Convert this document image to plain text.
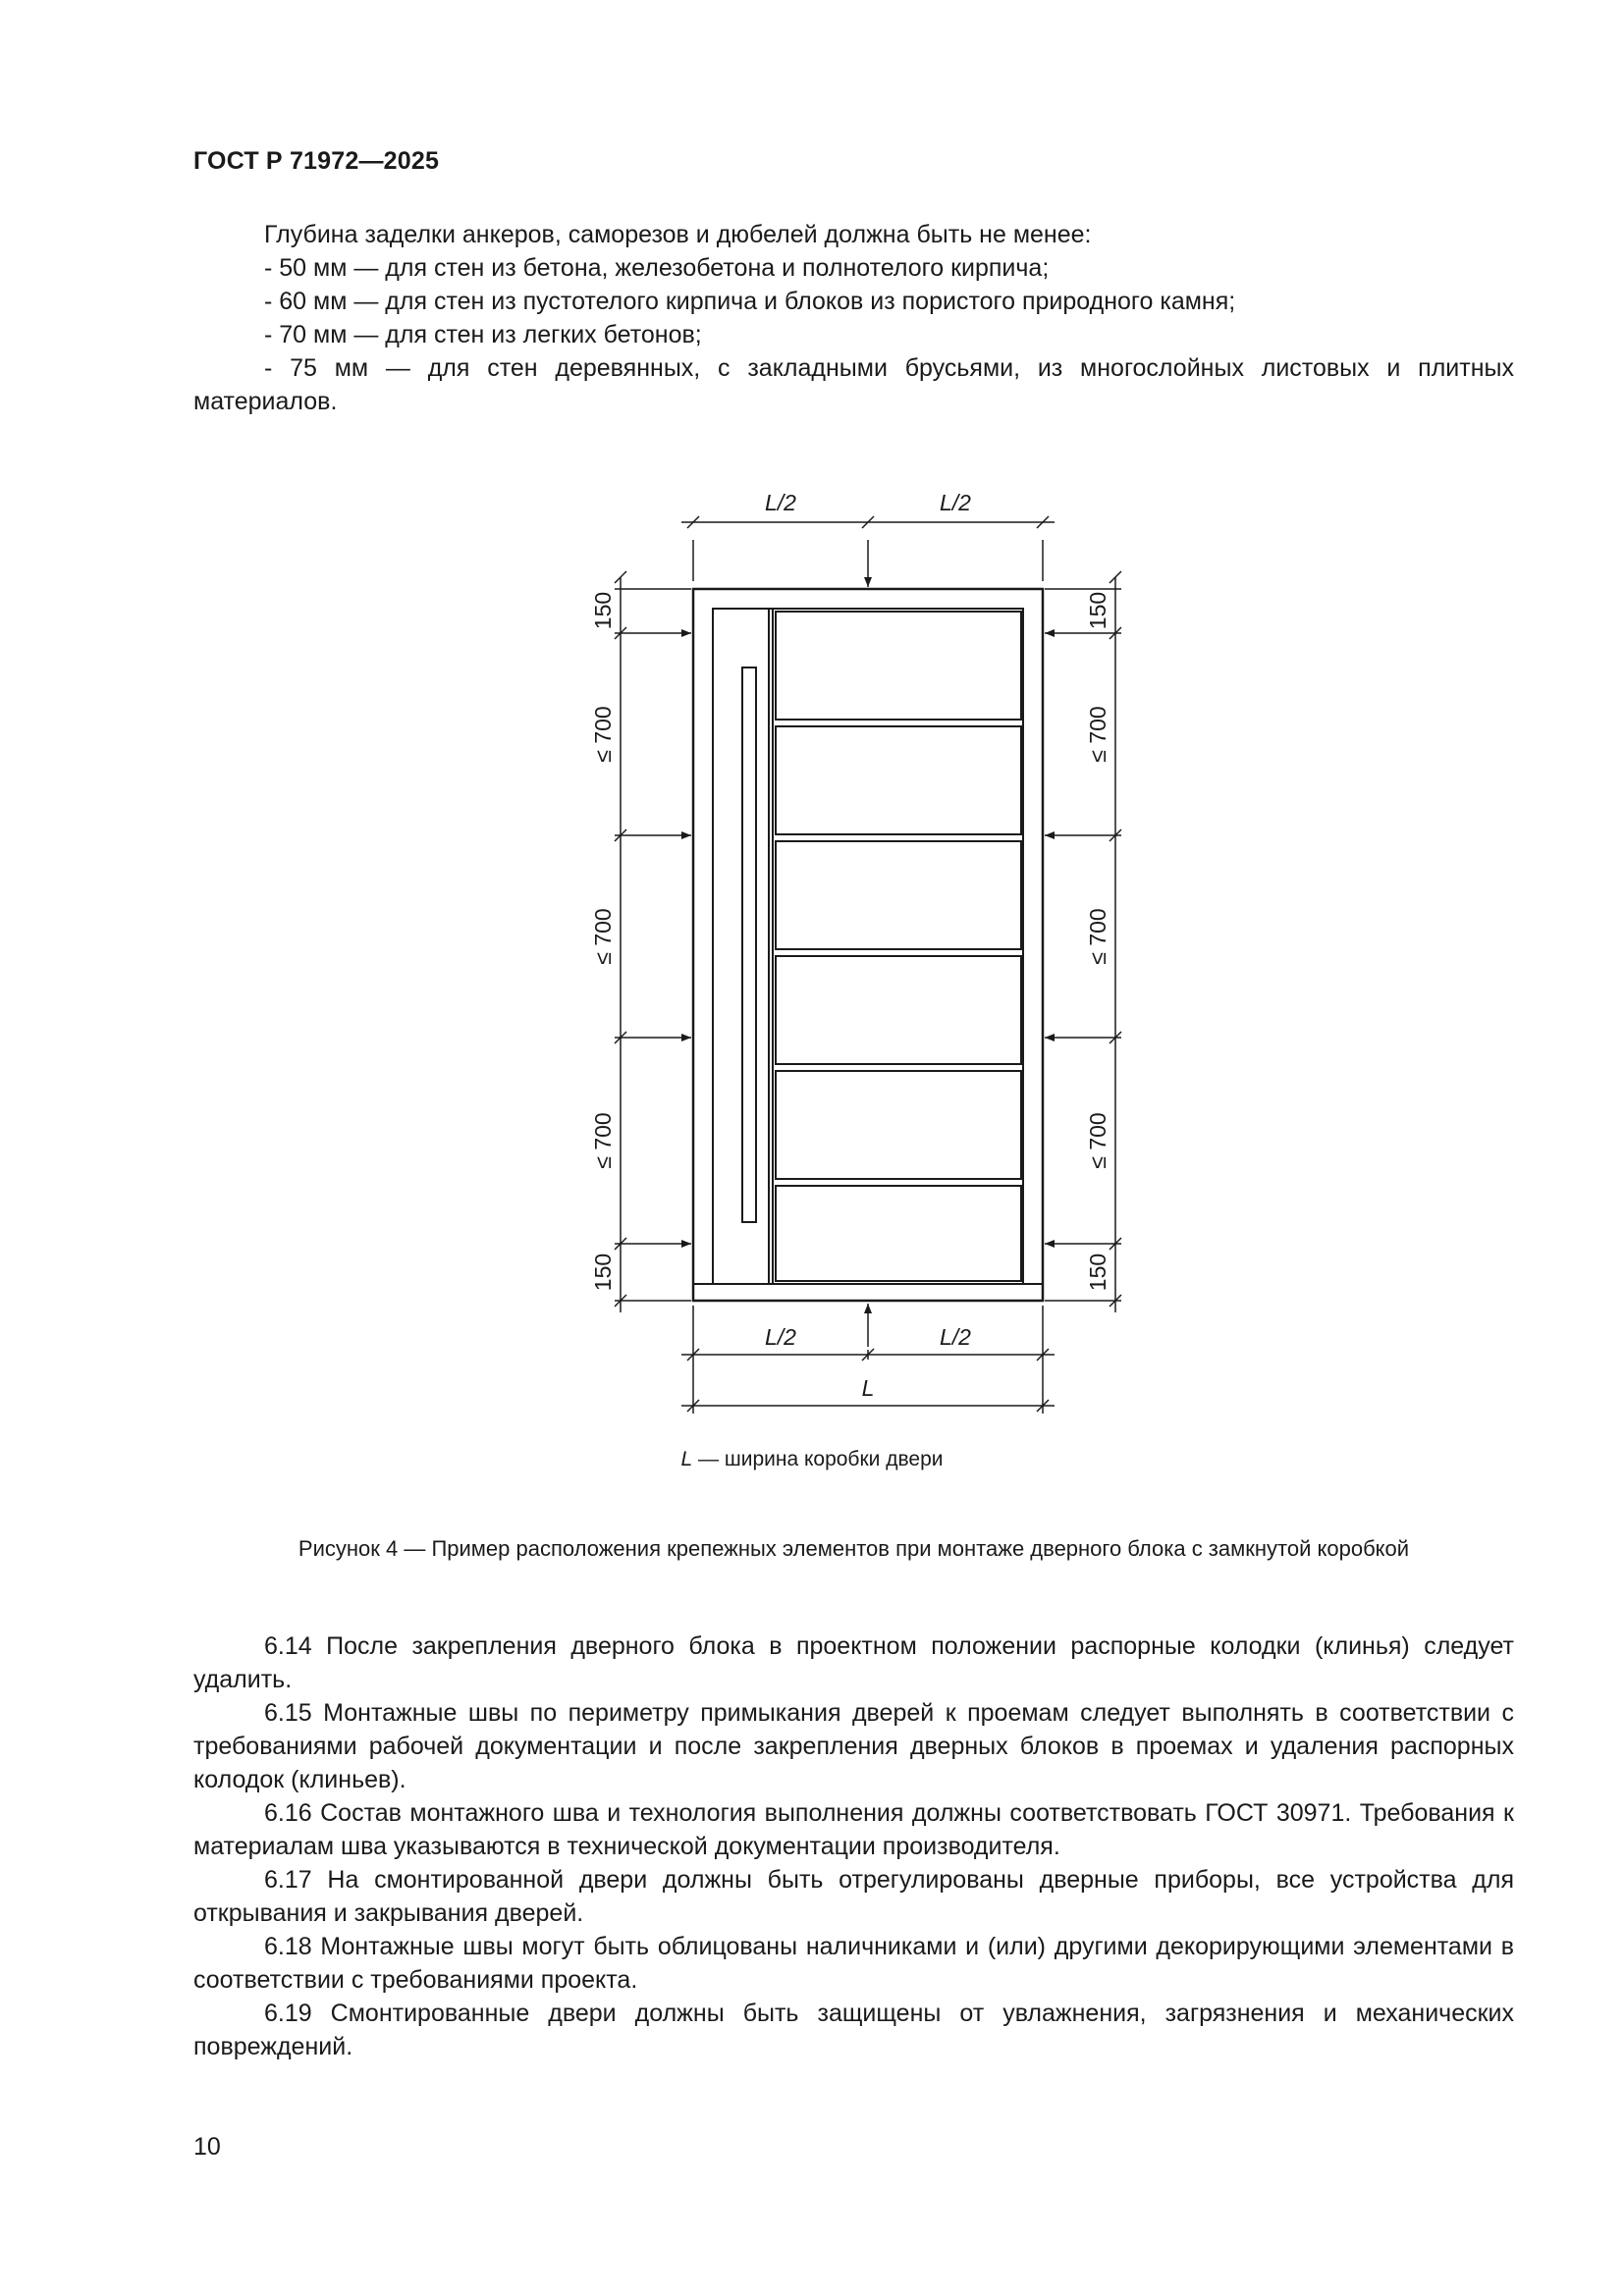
ГОСТ Р 71972—2025

Глубина заделки анкеров, саморезов и дюбелей должна быть не менее:

- 50 мм — для стен из бетона, железобетона и полнотелого кирпича;

- 60 мм — для стен из пустотелого кирпича и блоков из пористого природного камня;

- 70 мм — для стен из легких бетонов;

- 75 мм — для стен деревянных, с закладными брусьями, из многослойных листовых и плитных материалов.

L/2	L/2
L/2	L/2
L
150
≤ 700
≤ 700
≤ 700
150
150
≤ 700
≤ 700
≤ 700
150
L — ширина коробки двери
Рисунок 4 — Пример расположения крепежных элементов при монтаже дверного блока с замкнутой коробкой

6.14 После закрепления дверного блока в проектном положении распорные колодки (клинья) следует удалить.

6.15 Монтажные швы по периметру примыкания дверей к проемам следует выполнять в соответствии с требованиями рабочей документации и после закрепления дверных блоков в проемах и удаления распорных колодок (клиньев).

6.16 Состав монтажного шва и технология выполнения должны соответствовать ГОСТ 30971. Требования к материалам шва указываются в технической документации производителя.

6.17 На смонтированной двери должны быть отрегулированы дверные приборы, все устройства для открывания и закрывания дверей.

6.18 Монтажные швы могут быть облицованы наличниками и (или) другими декорирующими элементами в соответствии с требованиями проекта.

6.19 Смонтированные двери должны быть защищены от увлажнения, загрязнения и механических повреждений.

10
